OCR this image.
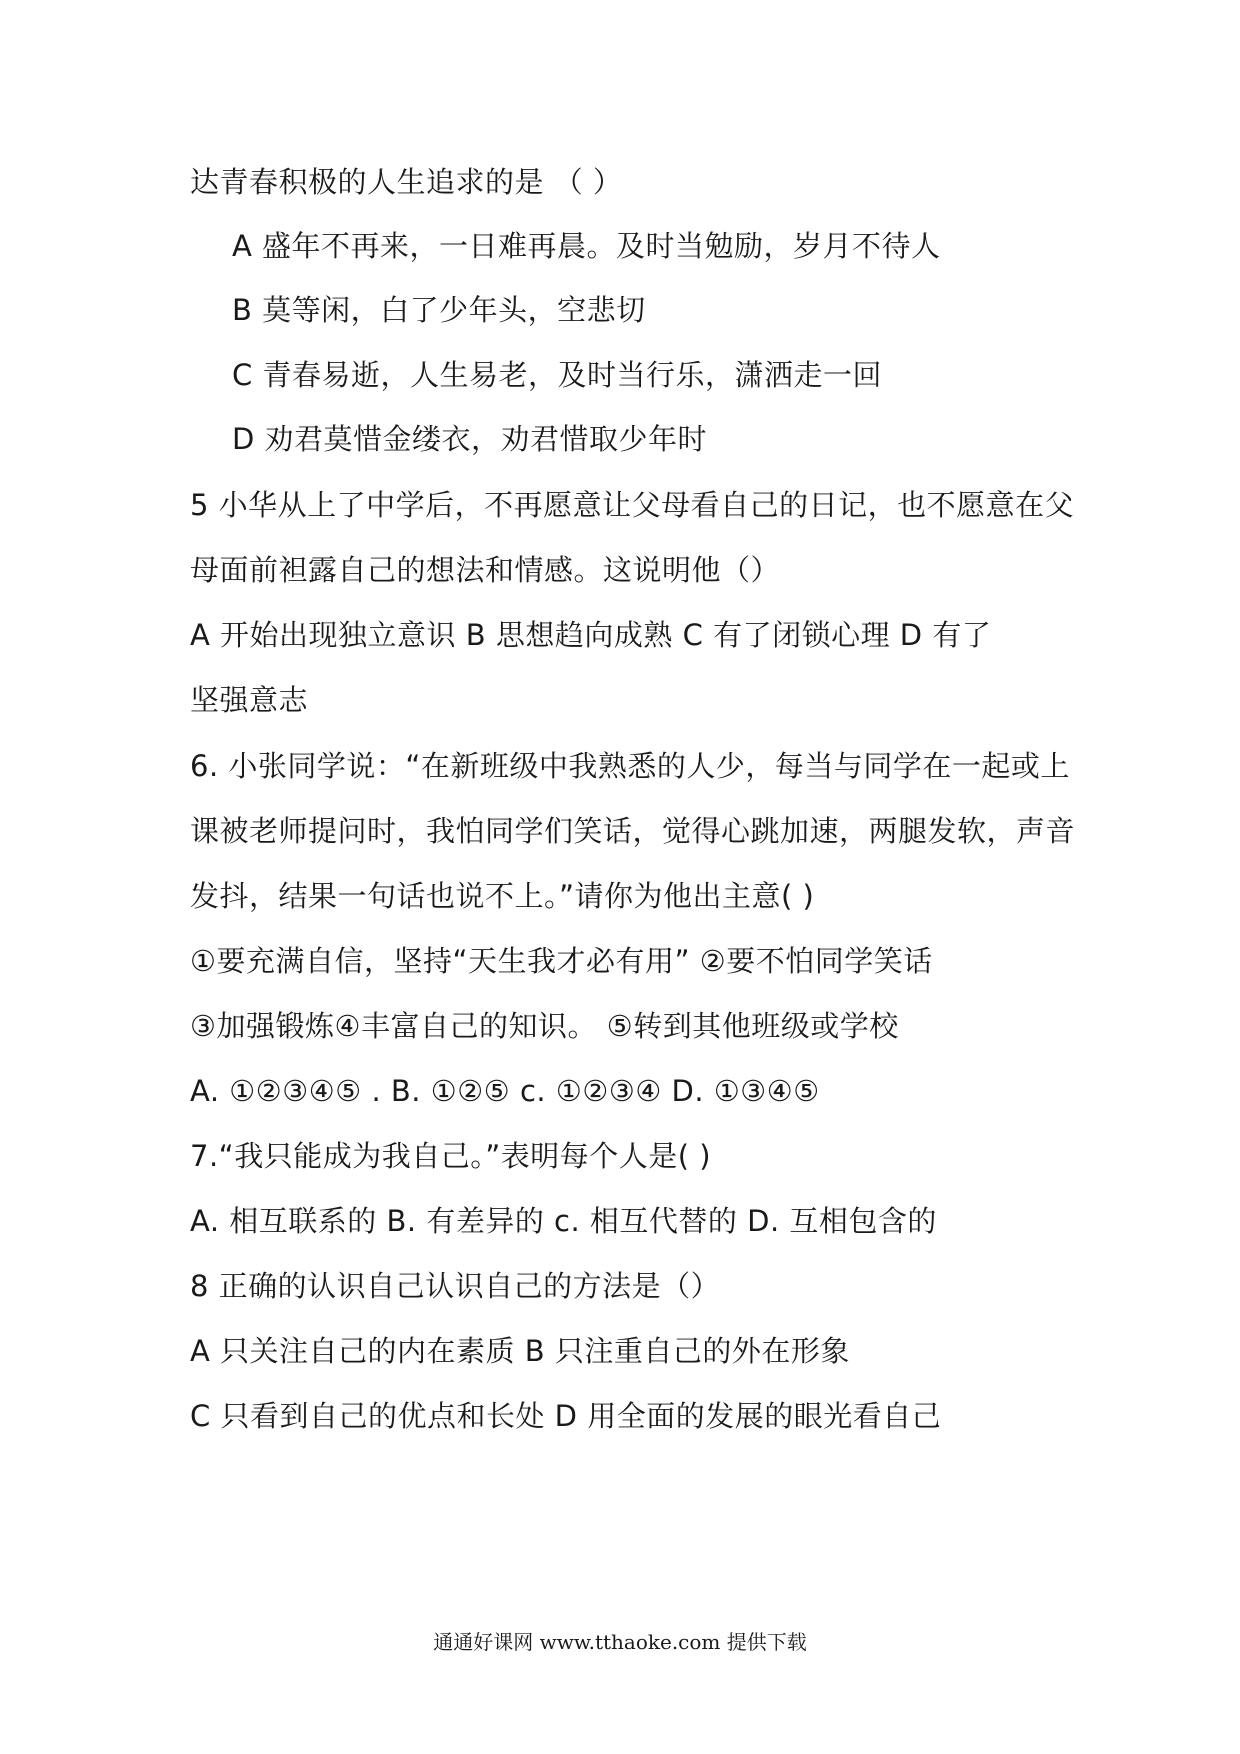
达青春积极的人生追求的是 （ ）
A 盛年不再来，一日难再晨。及时当勉励，岁月不待人
B 莫等闲，白了少年头，空悲切
C 青春易逝，人生易老，及时当行乐，潇洒走一回
D 劝君莫惜金缕衣，劝君惜取少年时
5 小华从上了中学后，不再愿意让父母看自己的日记，也不愿意在父
母面前袒露自己的想法和情感。这说明他（）
A 开始出现独立意识 B 思想趋向成熟 C 有了闭锁心理 D 有了
坚强意志
6. 小张同学说：“在新班级中我熟悉的人少，每当与同学在一起或上
课被老师提问时，我怕同学们笑话，觉得心跳加速，两腿发软，声音
发抖，结果一句话也说不上。”请你为他出主意( )
①要充满自信，坚持“天生我才必有用” ②要不怕同学笑话
③加强锻炼④丰富自己的知识。 ⑤转到其他班级或学校
A. ①②③④⑤ . B. ①②⑤ c. ①②③④ D. ①③④⑤
7.“我只能成为我自己。”表明每个人是( )
A. 相互联系的 B. 有差异的 c. 相互代替的 D. 互相包含的
8 正确的认识自己认识自己的方法是（）
A 只关注自己的内在素质 B 只注重自己的外在形象
C 只看到自己的优点和长处 D 用全面的发展的眼光看自己
通通好课网 www.tthaoke.com 提供下载
